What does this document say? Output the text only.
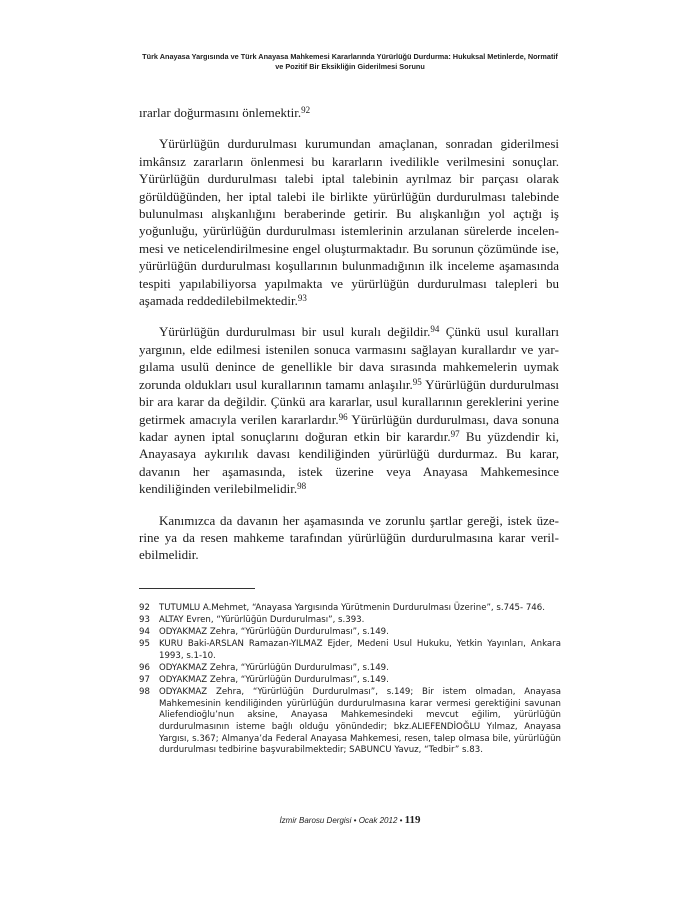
Türk Anayasa Yargısında ve Türk Anayasa Mahkemesi Kararlarında Yürürlüğü Durdurma: Hukuksal Metinlerde, Normatif
ve Pozitif Bir Eksikliğin Giderilmesi Sorunu

ırarlar doğurmasını önlemektir.$^{92}$

Yürürlüğün durdurulması kurumundan amaçlanan, sonradan giderilmesi imkânsız zararların önlenmesi bu kararların ivedilikle verilmesini sonuçlar. Yürürlüğün durdurulması talebi iptal talebinin ayrılmaz bir parçası olarak görüldüğünden, her iptal talebi ile birlikte yürürlüğün durdurulması talebinde bulunulması alışkanlığını beraberinde getirir. Bu alışkanlığın yol açtığı iş yoğunluğu, yürürlüğün durdurulması istemlerinin arzulanan sürelerde incelenmesi ve neticelendirilmesine engel oluşturmaktadır. Bu sorunun çözümünde ise, yürürlüğün durdurulması koşullarının bulunmadığının ilk inceleme aşamasında tespiti yapılabiliyorsa yapılmakta ve yürürlüğün durdurulması talepleri bu aşamada reddedilebilmektedir.$^{93}$

Yürürlüğün durdurulması bir usul kuralı değildir.$^{94}$ Çünkü usul kuralları yargının, elde edilmesi istenilen sonuca varmasını sağlayan kurallardır ve yargılama usulü denince de genellikle bir dava sırasında mahkemelerin uymak zorunda oldukları usul kurallarının tamamı anlaşılır.$^{95}$ Yürürlüğün durdurulması bir ara karar da değildir. Çünkü ara kararlar, usul kurallarının gereklerini yerine getirmek amacıyla verilen kararlardır.$^{96}$ Yürürlüğün durdurulması, dava sonuna kadar aynen iptal sonuçlarını doğuran etkin bir karardır.$^{97}$ Bu yüzdendir ki, Anayasaya aykırılık davası kendiliğinden yürürlüğü durdurmaz. Bu karar, davanın her aşamasında, istek üzerine veya Anayasa Mahkemesince kendiliğinden verilebilmelidir.$^{98}$

Kanımızca da davanın her aşamasında ve zorunlu şartlar gereği, istek üzerine ya da resen mahkeme tarafından yürürlüğün durdurulmasına karar verilebilmelidir.

92	TUTUMLU A.Mehmet, “Anayasa Yargısında Yürütmenin Durdurulması Üzerine”, s.745- 746.
93	ALTAY Evren, “Yürürlüğün Durdurulması”, s.393.
94	ODYAKMAZ Zehra, “Yürürlüğün Durdurulması”, s.149.
95	KURU Baki-ARSLAN Ramazan-YILMAZ Ejder, Medeni Usul Hukuku, Yetkin Yayınları, Ankara 1993, s.1-10.
96	ODYAKMAZ Zehra, “Yürürlüğün Durdurulması”, s.149.
97	ODYAKMAZ Zehra, “Yürürlüğün Durdurulması”, s.149.
98	ODYAKMAZ Zehra, “Yürürlüğün Durdurulması”, s.149; Bir istem olmadan, Anayasa Mahkemesinin kendiliğinden yürürlüğün durdurulmasına karar vermesi gerektiğini savunan Aliefendioğlu’nun aksine, Anayasa Mahkemesindeki mevcut eğilim, yürürlüğün durdurulmasının isteme bağlı olduğu yönündedir; bkz.ALIEFENDİOĞLU Yılmaz, Anayasa Yargısı, s.367; Almanya’da Federal Anayasa Mahkemesi, resen, talep olmasa bile, yürürlüğün durdurulması tedbirine başvurabilmektedir; SABUNCU Yavuz, “Tedbir” s.83.
İzmir Barosu Dergisi • Ocak 2012 • 119
